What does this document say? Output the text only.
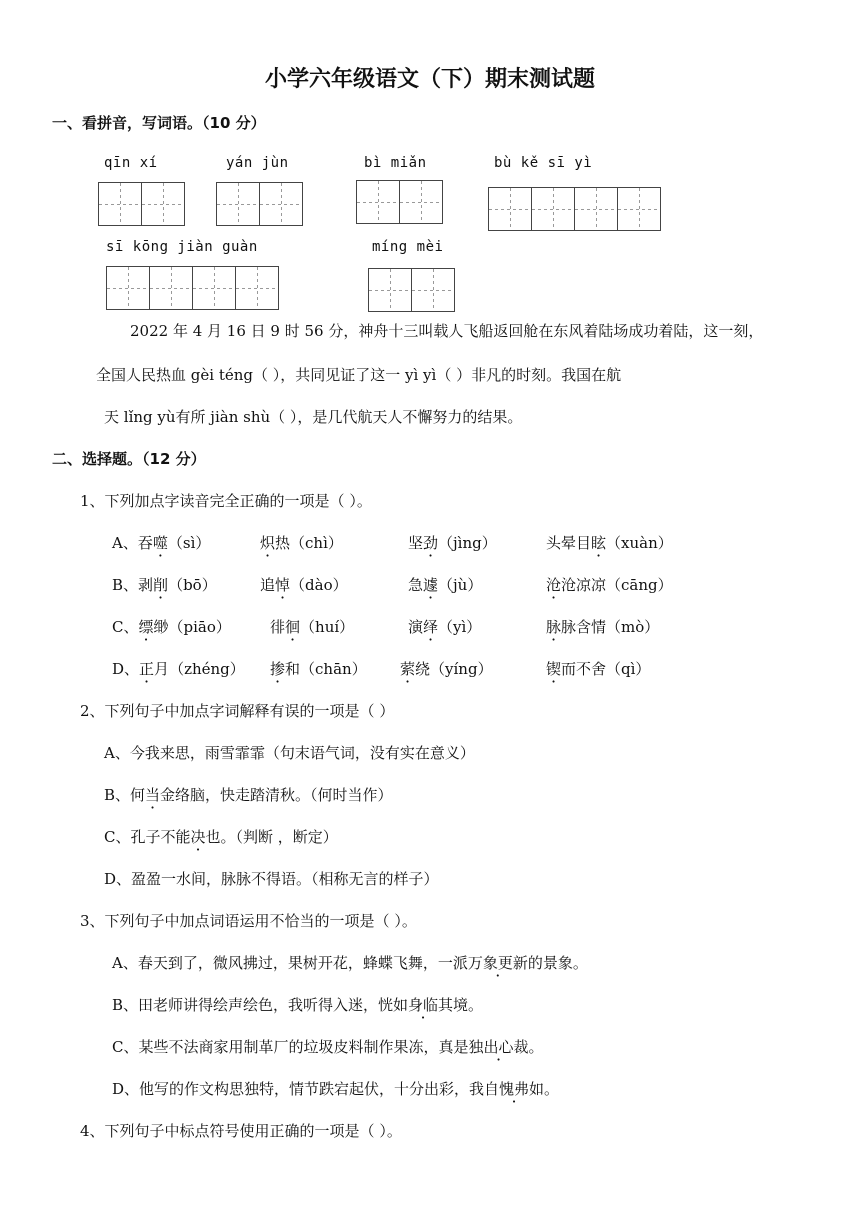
小学六年级语文（下）期末测试题
一、看拼音，写词语。（10 分）
qīn xí	yán jùn	bì miǎn	bù kě sī yì
sī kōng jiàn guàn	míng mèi
2022 年 4 月 16 日 9 时 56 分，神舟十三叫载人飞船返回舱在东风着陆场成功着陆，这一刻，
全国人民热血 gèi téng（ ），共同见证了这一 yì yì（ ）非凡的时刻。我国在航
天 lǐng yù有所 jiàn shù（ ），是几代航天人不懈努力的结果。
二、选择题。（12 分）
1、下列加点字读音完全正确的一项是（ ）。
A、吞噬（sì）	炽热（chì）	坚劲（jìng）	头晕目眩（xuàn）
B、剥削（bō）	追悼（dào）	急遽（jù）	沧沧凉凉（cāng）
C、缥缈（piāo）	徘徊（huí）	演绎（yì）	脉脉含情（mò）
D、正月（zhéng） 掺和（chān） 萦绕（yíng）	锲而不舍（qì）
2、下列句子中加点字词解释有误的一项是（ ）
A、今我来思，雨雪霏霏（句末语气词，没有实在意义）
B、何当金络脑，快走踏清秋。（何时当作）
C、孔子不能决也。（判断 ，断定）
D、盈盈一水间，脉脉不得语。（相称无言的样子）
3、下列句子中加点词语运用不恰当的一项是（ ）。
A、春天到了，微风拂过，果树开花，蜂蝶飞舞，一派万象更新的景象。
B、田老师讲得绘声绘色，我听得入迷，恍如身临其境 ·。
C、某些不法商家用制革厂的垃圾皮料制作果冻，真是独出心裁。
D、他写的作文构思独特，情节跌宕起伏，十分出彩，我自愧弗如。
4、下列句子中标点符号使用正确的一项是（ ）。
